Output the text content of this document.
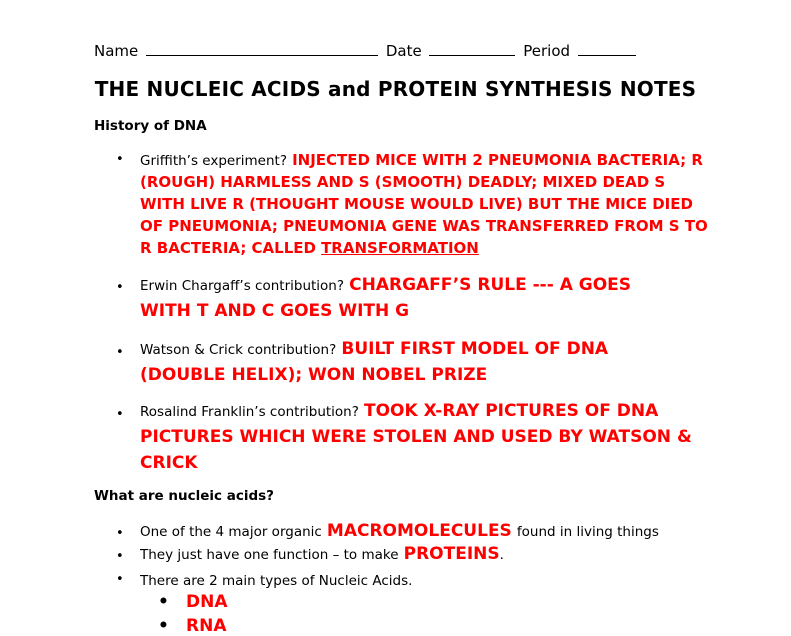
Name	Date	Period
THE NUCLEIC ACIDS and PROTEIN SYNTHESIS NOTES
History of DNA
• Griffith’s experiment? INJECTED MICE WITH 2 PNEUMONIA BACTERIA; R (ROUGH) HARMLESS AND S (SMOOTH) DEADLY; MIXED DEAD S WITH LIVE R (THOUGHT MOUSE WOULD LIVE) BUT THE MICE DIED OF PNEUMONIA; PNEUMONIA GENE WAS TRANSFERRED FROM S TO R BACTERIA; CALLED TRANSFORMATION
• Erwin Chargaff’s contribution? CHARGAFF’S RULE --- A GOES WITH T AND C GOES WITH G
• Watson & Crick contribution? BUILT FIRST MODEL OF DNA (DOUBLE HELIX); WON NOBEL PRIZE
• Rosalind Franklin’s contribution? TOOK X-RAY PICTURES OF DNA PICTURES WHICH WERE STOLEN AND USED BY WATSON & CRICK
What are nucleic acids?
• One of the 4 major organic MACROMOLECULES found in living things
• They just have one function – to make PROTEINS.
• There are 2 main types of Nucleic Acids.
• DNA
• RNA
